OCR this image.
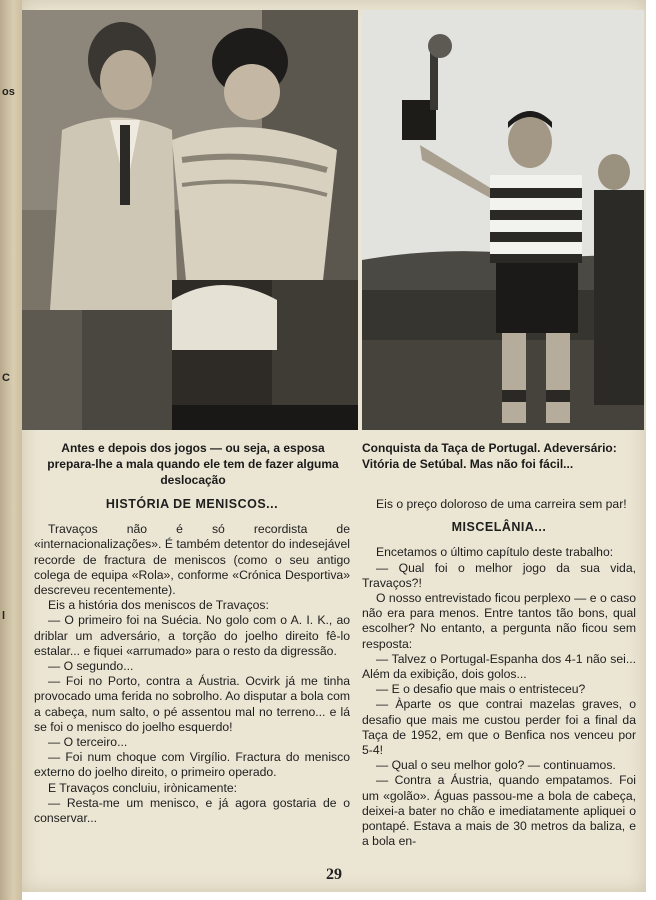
os
C
l
Antes e depois dos jogos — ou seja, a esposa prepara-lhe a mala quando ele tem de fazer alguma deslocação
Conquista da Taça de Portugal. Adeversário: Vitória de Setúbal. Mas não foi fácil...

HISTÓRIA DE MENISCOS...

Travaços não é só recordista de «internacionalizações». É também detentor do indesejável recorde de fractura de meniscos (como o seu antigo colega de equipa «Rola», conforme «Crónica Desportiva» descreveu recentemente).

Eis a história dos meniscos de Travaços:

— O primeiro foi na Suécia. No golo com o A. I. K., ao driblar um adversário, a torção do joelho direito fê-lo estalar... e fiquei «arrumado» para o resto da digressão.

— O segundo...

— Foi no Porto, contra a Áustria. Ocvirk já me tinha provocado uma ferida no sobrolho. Ao disputar a bola com a cabeça, num salto, o pé assentou mal no terreno... e lá se foi o menisco do joelho esquerdo!

— O terceiro...

— Foi num choque com Virgílio. Fractura do menisco externo do joelho direito, o primeiro operado.

E Travaços concluiu, irònicamente:

— Resta-me um menisco, e já agora gostaria de o conservar...

Eis o preço doloroso de uma carreira sem par!

MISCELÂNIA...

Encetamos o último capítulo deste trabalho:

— Qual foi o melhor jogo da sua vida, Travaços?!

O nosso entrevistado ficou perplexo — e o caso não era para menos. Entre tantos tão bons, qual escolher? No entanto, a pergunta não ficou sem resposta:

— Talvez o Portugal-Espanha dos 4-1 não sei... Além da exibição, dois golos...

— E o desafio que mais o entristeceu?

— Àparte os que contrai mazelas graves, o desafio que mais me custou perder foi a final da Taça de 1952, em que o Benfica nos venceu por 5-4!

— Qual o seu melhor golo? — continuamos.

— Contra a Áustria, quando empatamos. Foi um «golão». Águas passou-me a bola de cabeça, deixei-a bater no chão e imediatamente apliquei o pontapé. Estava a mais de 30 metros da baliza, e a bola en-

29
